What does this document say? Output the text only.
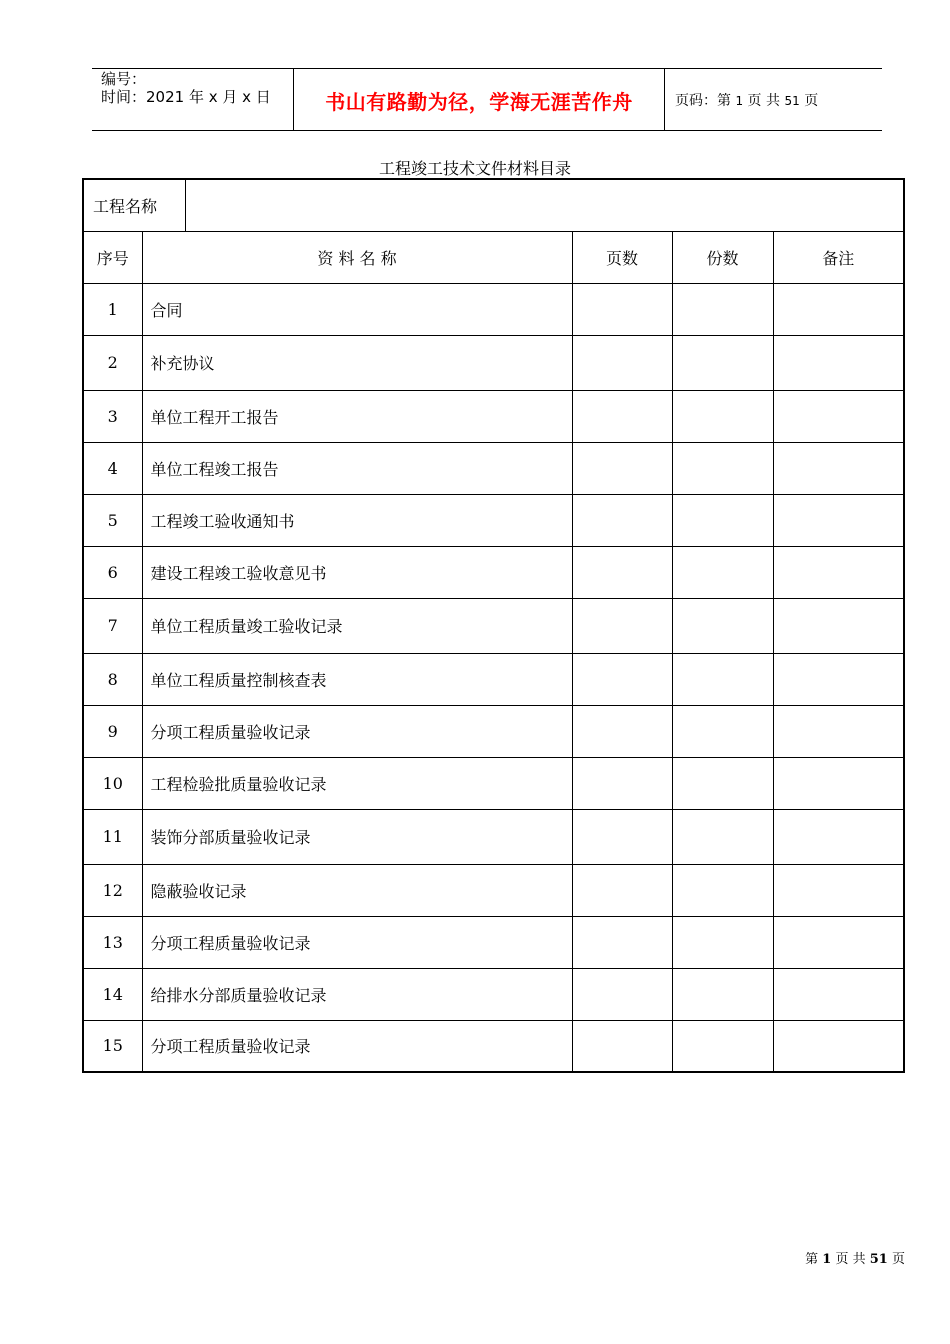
编号：
时间：2021 年 x 月 x 日	书山有路勤为径，学海无涯苦作舟	页码：第 1 页 共 51 页
工程竣工技术文件材料目录
工程名称					
序号	资 料 名 称		页数	份数	备注
1	合同				
2	补充协议				
3	单位工程开工报告				
4	单位工程竣工报告				
5	工程竣工验收通知书				
6	建设工程竣工验收意见书				
7	单位工程质量竣工验收记录				
8	单位工程质量控制核查表				
9	分项工程质量验收记录				
10	工程检验批质量验收记录				
11	装饰分部质量验收记录				
12	隐蔽验收记录				
13	分项工程质量验收记录				
14	给排水分部质量验收记录				
15	分项工程质量验收记录				
第 1 页 共 51 页
